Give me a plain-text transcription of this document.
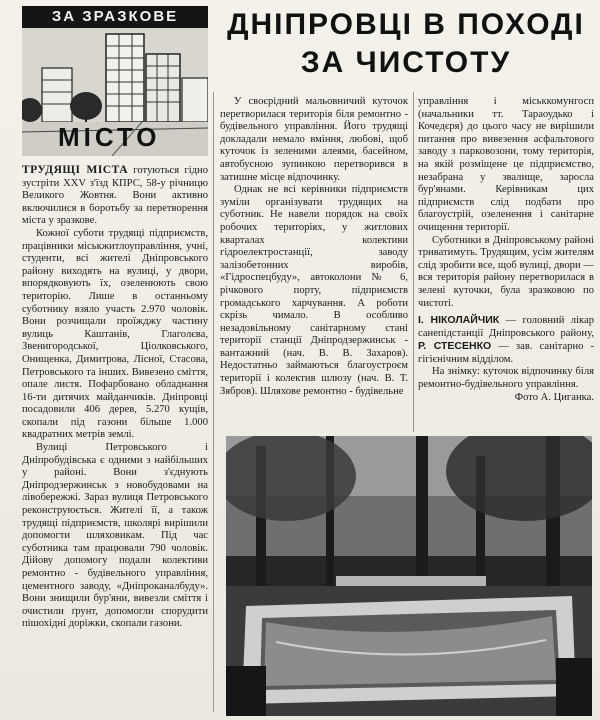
ЗА ЗРАЗКОВЕ
МІСТО
ДНІПРОВЦІ В ПОХОДІ
ЗА ЧИСТОТУ

ТРУДЯЩІ МІСТА готуються гідно зустріти XXV з'їзд КПРС, 58-у річницю Великого Жовтня. Вони активно включилися в боротьбу за перетворення міста у зразкове.

Кожної суботи трудящі підприємств, працівники міськжитлоуправління, учні, студенти, всі жителі Дніпровського району виходять на вулиці, у двори, впорядковують їх, озеленюють свою територію. Лише в останньому суботнику взяло участь 2.970 чоловік. Вони розчищали проїжджу частину вулиць Каштанів, Глаголєва, Звенигородської, Ціолковського, Онищенка, Димитрова, Лісної, Стасова, Петровського та інших. Вивезено сміття, опале листя. Пофарбовано обладнання 16-ти дитячих майданчиків. Дніпровці посадовили 406 дерев, 5.270 кущів, скопали під газони більше 1.000 квадратних метрів землі.

Вулиці Петровського і Дніпробудівська є одними з найбільших у районі. Вони з'єднують Дніпродзержинськ з новобудовами на лівобережжі. Зараз вулиця Петровського реконструюється. Жителі її, а також трудящі підприємств, школярі вирішили допомогти шляховикам. Під час суботника там працювали 790 чоловік. Дійову допомогу подали колективи ремонтно - будівельного управління, цементного заводу, «Дніпроканалбуду». Вони знищили бур'яни, вивезли сміття і очистили ґрунт, допомогли спорудити пішохідні доріжки, скопали газони.

У своєрідний мальовничий куточок перетворилася територія біля ремонтно - будівельного управління. Його трудящі докладали немало вміння, любові, щоб куточок із зеленими алеями, басейном, автобусною зупинкою перетворився в затишне місце відпочинку.

Однак не всі керівники підприємств зуміли організувати трудящих на суботник. Не навели порядок на своїх робочих територіях, у житлових кварталах колективи гідроелектростанції, заводу залізобетонних виробів, «Гідроспецбуду», автоколони № 6, річкового порту, підприємств громадського харчування. А роботи скрізь чимало. В особливо незадовільному санітарному стані території станції Дніпродзержинськ - вантажний (нач. В. В. Захаров). Недостатньо займаються благоустроєм території і колектив шлюзу (нач. В. Т. Зябров). Шляхове ремонтно - будівельне

управління і міськкомунгосп (начальники тт. Тараоудько і Кочедєря) до цього часу не вирішили питання про вивезення асфальтового заводу з парковозони, тому територія, на якій розміщене це підприємство, незабрана у звалище, заросла бур'янами. Керівникам цих підприємств слід подбати про благоустрій, озеленення і санітарне очищення території.

Суботники в Дніпровському районі триватимуть. Трудящим, усім жителям слід зробити все, щоб вулиці, двори — вся територія району перетворилася в зелені куточки, була зразковою по чистоті.

І. НІКОЛАЙЧИК — головний лікар санепідстанції Дніпровського району, Р. СТЕСЕНКО — зав. санітарно - гігієнічним відділом.

На знімку: куточок відпочинку біля ремонтно-будівельного управління.

Фото А. Циганка.
